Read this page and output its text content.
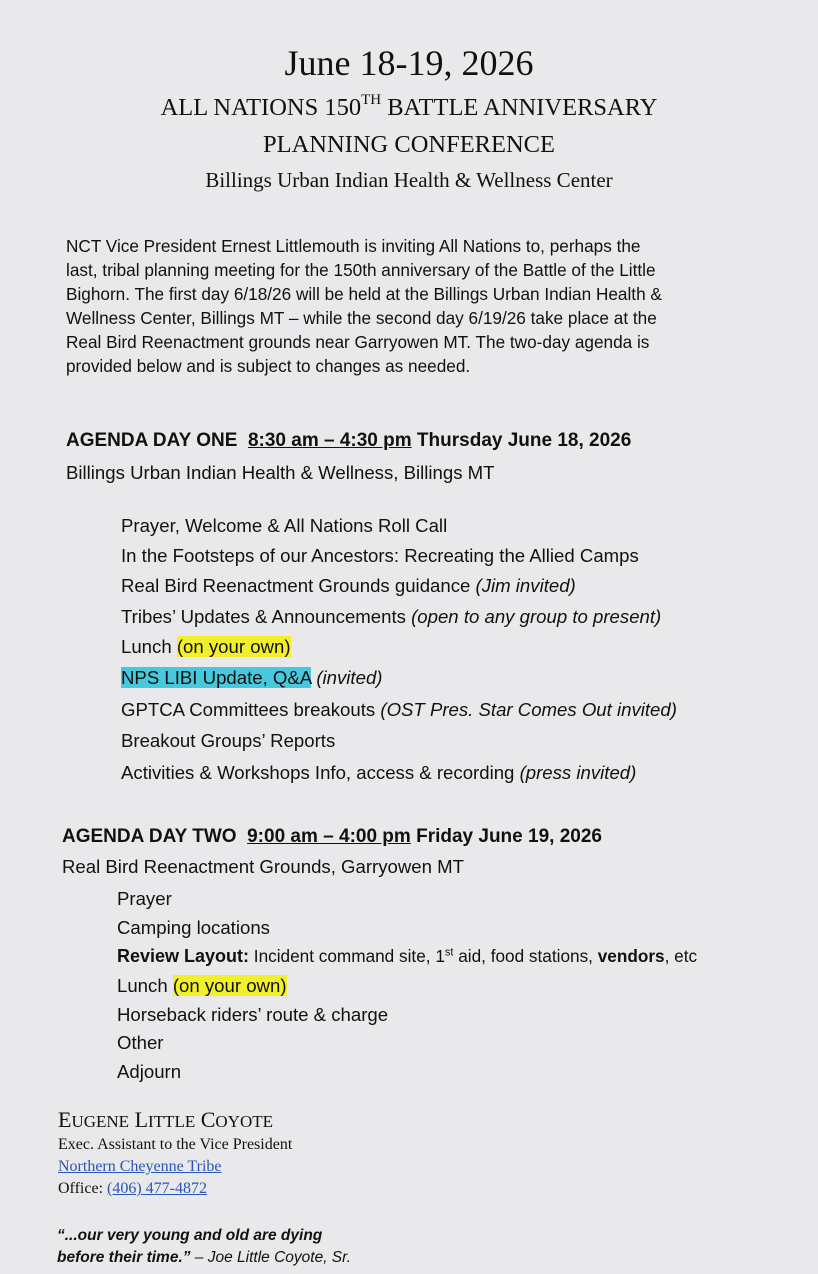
June 18-19, 2026
ALL NATIONS 150TH BATTLE ANNIVERSARY
PLANNING CONFERENCE
Billings Urban Indian Health & Wellness Center
NCT Vice President Ernest Littlemouth is inviting All Nations to, perhaps the
last, tribal planning meeting for the 150th anniversary of the Battle of the Little
Bighorn. The first day 6/18/26 will be held at the Billings Urban Indian Health &
Wellness Center, Billings MT – while the second day 6/19/26 take place at the
Real Bird Reenactment grounds near Garryowen MT. The two-day agenda is
provided below and is subject to changes as needed.
AGENDA DAY ONE 8:30 am – 4:30 pm Thursday June 18, 2026
Billings Urban Indian Health & Wellness, Billings MT
Prayer, Welcome & All Nations Roll Call
In the Footsteps of our Ancestors: Recreating the Allied Camps
Real Bird Reenactment Grounds guidance (Jim invited)
Tribes’ Updates & Announcements (open to any group to present)
Lunch (on your own)
NPS LIBI Update, Q&A (invited)
GPTCA Committees breakouts (OST Pres. Star Comes Out invited)
Breakout Groups’ Reports
Activities & Workshops Info, access & recording (press invited)
AGENDA DAY TWO 9:00 am – 4:00 pm Friday June 19, 2026
Real Bird Reenactment Grounds, Garryowen MT
Prayer
Camping locations
Review Layout: Incident command site, 1st aid, food stations, vendors, etc
Lunch (on your own)
Horseback riders’ route & charge
Other
Adjourn
EUGENE LITTLE COYOTE
Exec. Assistant to the Vice President
Northern Cheyenne Tribe
Office: (406) 477-4872
“...our very young and old are dying
before their time.” – Joe Little Coyote, Sr.
